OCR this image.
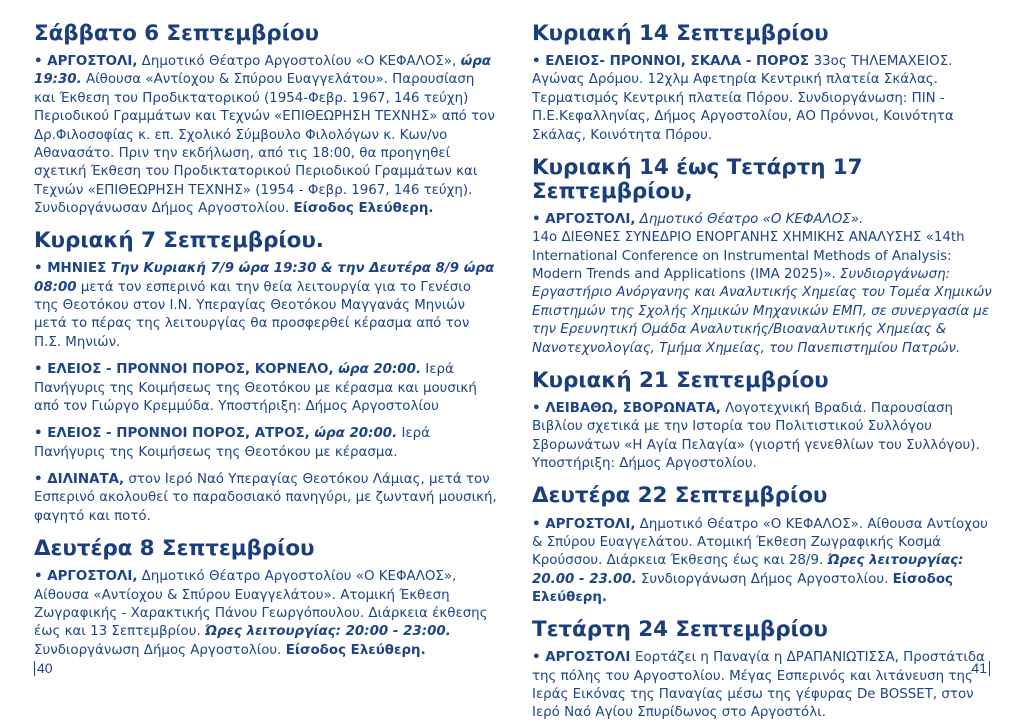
Σάββατο 6 Σεπτεμβρίου

• ΑΡΓΟΣΤΟΛΙ, Δημοτικό Θέατρο Αργοστολίου «Ο ΚΕΦΑΛΟΣ», ώρα 19:30. Αίθουσα «Αντίοχου & Σπύρου Ευαγγελάτου». Παρουσίαση και Έκθεση του Προδικτατορικού (1954-Φεβρ. 1967, 146 τεύχη) Περιοδικού Γραμμάτων και Τεχνών «ΕΠΙΘΕΩΡΗΣΗ ΤΕΧΝΗΣ» από τον Δρ.Φιλοσοφίας κ. επ. Σχολικό Σύμβουλο Φιλολόγων κ. Κων/νο Αθανασάτο. Πριν την εκδήλωση, από τις 18:00, θα προηγηθεί σχετική Έκθεση του Προδικτατορικού Περιοδικού Γραμμάτων και Τεχνών «ΕΠΙΘΕΩΡΗΣΗ ΤΕΧΝΗΣ» (1954 - Φεβρ. 1967, 146 τεύχη). Συνδιοργάνωσαν Δήμος Αργοστολίου. Είσοδος Ελεύθερη.

Κυριακή 7 Σεπτεμβρίου.

• ΜΗΝΙΕΣ Την Κυριακή 7/9 ώρα 19:30 & την Δευτέρα 8/9 ώρα 08:00 μετά τον εσπερινό και την θεία λειτουργία για το Γενέσιο της Θεοτόκου στον Ι.Ν. Υπεραγίας Θεοτόκου Μαγγανάς Μηνιών μετά το πέρας της λειτουργίας θα προσφερθεί κέρασμα από τον Π.Σ. Μηνιών.

• ΕΛΕΙΟΣ - ΠΡΟΝΝΟΙ ΠΟΡΟΣ, ΚΟΡΝΕΛΟ, ώρα 20:00. Ιερά Πανήγυρις της Κοιμήσεως της Θεοτόκου με κέρασμα και μουσική από τον Γιώργο Κρεμμύδα. Υποστήριξη: Δήμος Αργοστολίου

• ΕΛΕΙΟΣ - ΠΡΟΝΝΟΙ ΠΟΡΟΣ, ΑΤΡΟΣ, ώρα 20:00. Ιερά Πανήγυρις της Κοιμήσεως της Θεοτόκου με κέρασμα.

• ΔΙΛΙΝΑΤΑ, στον Ιερό Ναό Υπεραγίας Θεοτόκου Λάμιας, μετά τον Εσπερινό ακολουθεί το παραδοσιακό πανηγύρι, με ζωντανή μουσική, φαγητό και ποτό.

Δευτέρα 8 Σεπτεμβρίου

• ΑΡΓΟΣΤΟΛΙ, Δημοτικό Θέατρο Αργοστολίου «Ο ΚΕΦΑΛΟΣ», Αίθουσα «Αντίοχου & Σπύρου Ευαγγελάτου». Ατομική Έκθεση Ζωγραφικής - Χαρακτικής Πάνου Γεωργόπουλου. Διάρκεια έκθεσης έως και 13 Σεπτεμβρίου. Ώρες λειτουργίας: 20:00 - 23:00. Συνδιοργάνωση Δήμος Αργοστολίου. Είσοδος Ελεύθερη.

Κυριακή 14 Σεπτεμβρίου

• ΕΛΕΙΟΣ- ΠΡΟΝΝΟΙ, ΣΚΑΛΑ - ΠΟΡΟΣ 33ος ΤΗΛΕΜΑΧΕΙΟΣ. Αγώνας Δρόμου. 12χλμ Αφετηρία Κεντρική πλατεία Σκάλας. Τερματισμός Κεντρική πλατεία Πόρου. Συνδιοργάνωση: ΠΙΝ - Π.Ε.Κεφαλληνίας, Δήμος Αργοστολίου, ΑΟ Πρόννοι, Κοινότητα Σκάλας, Κοινότητα Πόρου.

Κυριακή 14 έως Τετάρτη 17 Σεπτεμβρίου,

• ΑΡΓΟΣΤΟΛΙ, Δημοτικό Θέατρο «Ο ΚΕΦΑΛΟΣ».
14ο ΔΙΕΘΝΕΣ ΣΥΝΕΔΡΙΟ ΕΝΟΡΓΑΝΗΣ ΧΗΜΙΚΗΣ ΑΝΑΛΥΣΗΣ «14th International Conference on Instrumental Methods of Analysis: Modern Trends and Applications (IMA 2025)». Συνδιοργάνωση: Εργαστήριο Ανόργανης και Αναλυτικής Χημείας του Τομέα Χημικών Επιστημών της Σχολής Χημικών Μηχανικών ΕΜΠ, σε συνεργασία με την Ερευνητική Ομάδα Αναλυτικής/Βιοαναλυτικής Χημείας & Νανοτεχνολογίας, Τμήμα Χημείας, του Πανεπιστημίου Πατρών.

Κυριακή 21 Σεπτεμβρίου

• ΛΕΙΒΑΘΩ, ΣΒΟΡΩΝΑΤΑ, Λογοτεχνική Βραδιά. Παρουσίαση Βιβλίου σχετικά με την Ιστορία του Πολιτιστικού Συλλόγου Σβορωνάτων «Η Αγία Πελαγία» (γιορτή γενεθλίων του Συλλόγου). Υποστήριξη: Δήμος Αργοστολίου.

Δευτέρα 22 Σεπτεμβρίου

• ΑΡΓΟΣΤΟΛΙ, Δημοτικό Θέατρο «Ο ΚΕΦΑΛΟΣ». Αίθουσα Αντίοχου & Σπύρου Ευαγγελάτου. Ατομική Έκθεση Ζωγραφικής Κοσμά Κρούσσου. Διάρκεια Έκθεσης έως και 28/9. Ώρες λειτουργίας: 20.00 - 23.00. Συνδιοργάνωση Δήμος Αργοστολίου. Είσοδος Ελεύθερη.

Τετάρτη 24 Σεπτεμβρίου

• ΑΡΓΟΣΤΟΛΙ Εορτάζει η Παναγία η ΔΡΑΠΑΝΙΩΤΙΣΣΑ, Προστάτιδα της πόλης του Αργοστολίου. Μέγας Εσπερινός και λιτάνευση της Ιεράς Εικόνας της Παναγίας μέσω της γέφυρας De BOSSET, στον Ιερό Ναό Αγίου Σπυρίδωνος στο Αργοστόλι.

40	41
